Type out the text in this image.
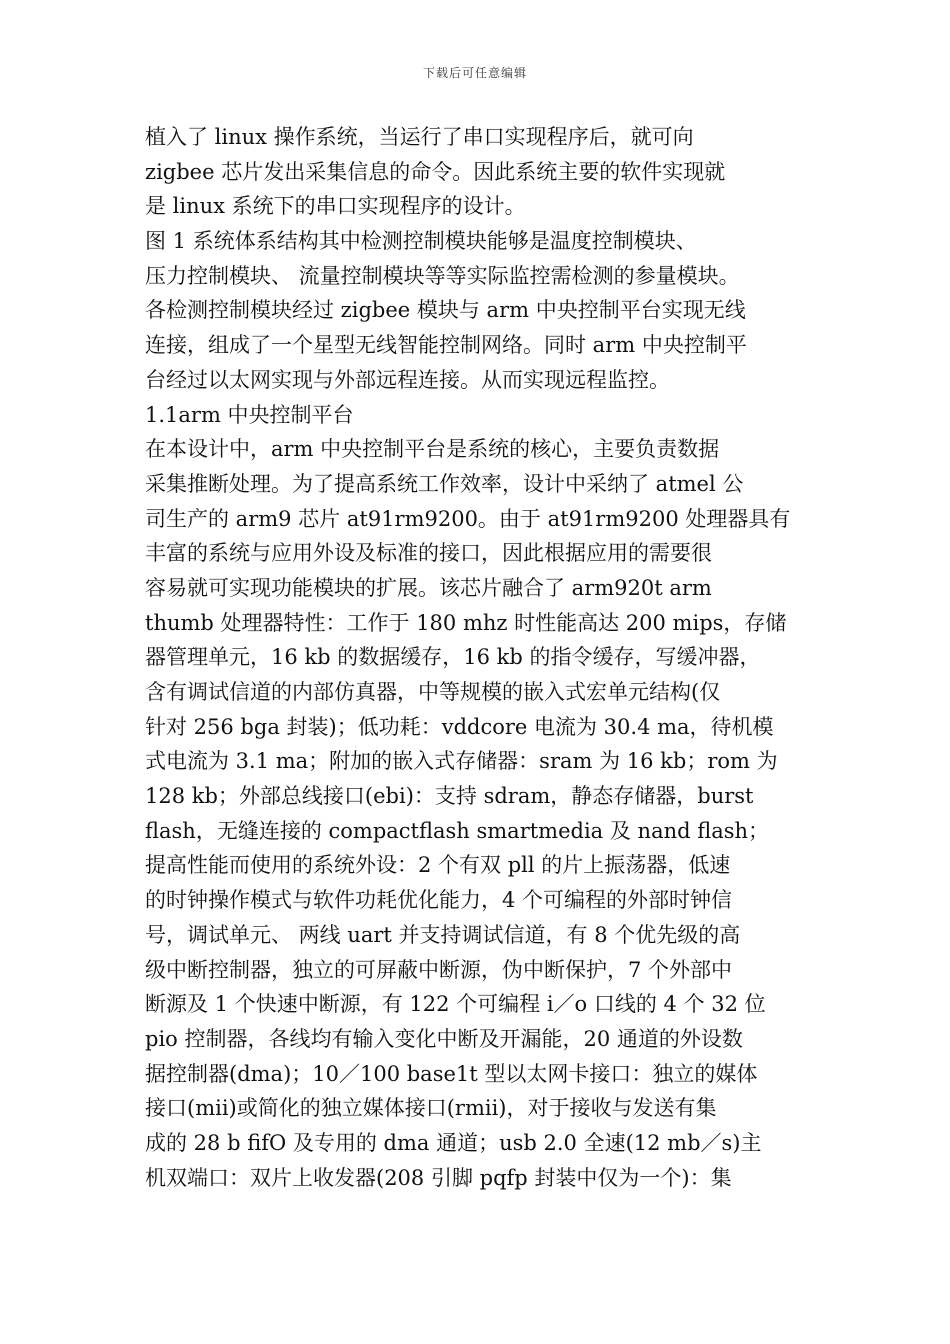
下载后可任意编辑
植入了 linux 操作系统，当运行了串口实现程序后，就可向
zigbee 芯片发出采集信息的命令。因此系统主要的软件实现就
是 linux 系统下的串口实现程序的设计。
图 1 系统体系结构其中检测控制模块能够是温度控制模块、
压力控制模块、 流量控制模块等等实际监控需检测的参量模块。
各检测控制模块经过 zigbee 模块与 arm 中央控制平台实现无线
连接，组成了一个星型无线智能控制网络。同时 arm 中央控制平
台经过以太网实现与外部远程连接。从而实现远程监控。
1.1arm 中央控制平台
在本设计中，arm 中央控制平台是系统的核心，主要负责数据
采集推断处理。为了提高系统工作效率，设计中采纳了 atmel 公
司生产的 arm9 芯片 at91rm9200。由于 at91rm9200 处理器具有
丰富的系统与应用外设及标准的接口，因此根据应用的需要很
容易就可实现功能模块的扩展。该芯片融合了 arm920t arm
thumb 处理器特性：工作于 180 mhz 时性能高达 200 mips，存储
器管理单元，16 kb 的数据缓存，16 kb 的指令缓存，写缓冲器，
含有调试信道的内部仿真器，中等规模的嵌入式宏单元结构(仅
针对 256 bga 封装)；低功耗：vddcore 电流为 30.4 ma，待机模
式电流为 3.1 ma；附加的嵌入式存储器：sram 为 16 kb；rom 为
128 kb；外部总线接口(ebi)：支持 sdram，静态存储器，burst
flash，无缝连接的 compactflash smartmedia 及 nand flash；
提高性能而使用的系统外设：2 个有双 pll 的片上振荡器，低速
的时钟操作模式与软件功耗优化能力，4 个可编程的外部时钟信
号，调试单元、 两线 uart 并支持调试信道，有 8 个优先级的高
级中断控制器，独立的可屏蔽中断源，伪中断保护，7 个外部中
断源及 1 个快速中断源，有 122 个可编程 i／o 口线的 4 个 32 位
pio 控制器，各线均有输入变化中断及开漏能，20 通道的外设数
据控制器(dma)；10／100 base1t 型以太网卡接口：独立的媒体
接口(mii)或简化的独立媒体接口(rmii)，对于接收与发送有集
成的 28 b fifO 及专用的 dma 通道；usb 2.0 全速(12 mb／s)主
机双端口：双片上收发器(208 引脚 pqfp 封装中仅为一个)：集
